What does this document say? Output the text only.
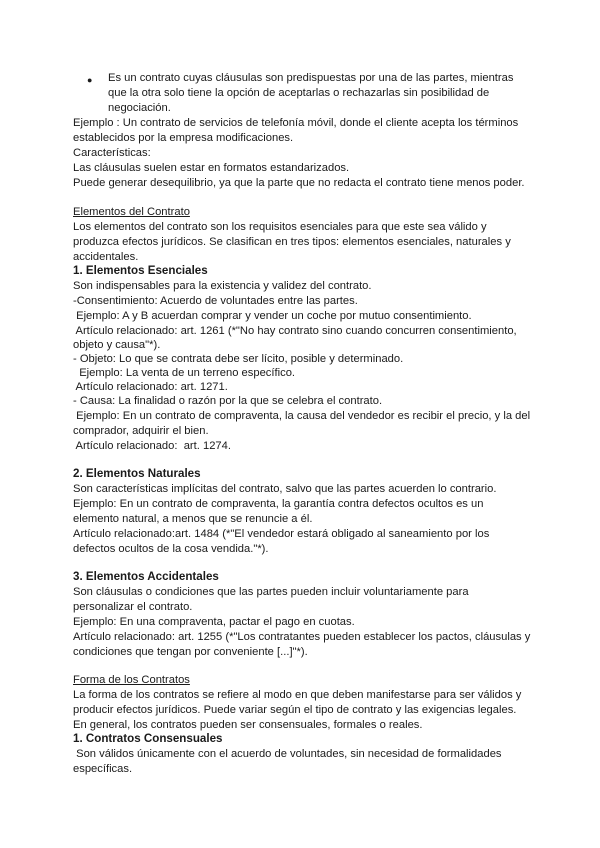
● Es un contrato cuyas cláusulas son predispuestas por una de las partes, mientras
que la otra solo tiene la opción de aceptarlas o rechazarlas sin posibilidad de
negociación.
Ejemplo : Un contrato de servicios de telefonía móvil, donde el cliente acepta los términos
establecidos por la empresa modificaciones.
Características:
Las cláusulas suelen estar en formatos estandarizados.
Puede generar desequilibrio, ya que la parte que no redacta el contrato tiene menos poder.
Elementos del Contrato
Los elementos del contrato son los requisitos esenciales para que este sea válido y
produzca efectos jurídicos. Se clasifican en tres tipos: elementos esenciales, naturales y
accidentales.
1. Elementos Esenciales
Son indispensables para la existencia y validez del contrato.
-Consentimiento: Acuerdo de voluntades entre las partes.
Ejemplo: A y B acuerdan comprar y vender un coche por mutuo consentimiento.
Artículo relacionado: art. 1261 (*"No hay contrato sino cuando concurren consentimiento,
objeto y causa"*).
- Objeto: Lo que se contrata debe ser lícito, posible y determinado.
Ejemplo: La venta de un terreno específico.
Artículo relacionado: art. 1271.
- Causa: La finalidad o razón por la que se celebra el contrato.
Ejemplo: En un contrato de compraventa, la causa del vendedor es recibir el precio, y la del
comprador, adquirir el bien.
Artículo relacionado:  art. 1274.
2. Elementos Naturales
Son características implícitas del contrato, salvo que las partes acuerden lo contrario.
Ejemplo: En un contrato de compraventa, la garantía contra defectos ocultos es un
elemento natural, a menos que se renuncie a él.
Artículo relacionado:art. 1484 (*"El vendedor estará obligado al saneamiento por los
defectos ocultos de la cosa vendida."*).
3. Elementos Accidentales
Son cláusulas o condiciones que las partes pueden incluir voluntariamente para
personalizar el contrato.
Ejemplo: En una compraventa, pactar el pago en cuotas.
Artículo relacionado: art. 1255 (*"Los contratantes pueden establecer los pactos, cláusulas y
condiciones que tengan por conveniente [...]"*).
Forma de los Contratos
La forma de los contratos se refiere al modo en que deben manifestarse para ser válidos y
producir efectos jurídicos. Puede variar según el tipo de contrato y las exigencias legales.
En general, los contratos pueden ser consensuales, formales o reales.
1. Contratos Consensuales
Son válidos únicamente con el acuerdo de voluntades, sin necesidad de formalidades
específicas.
